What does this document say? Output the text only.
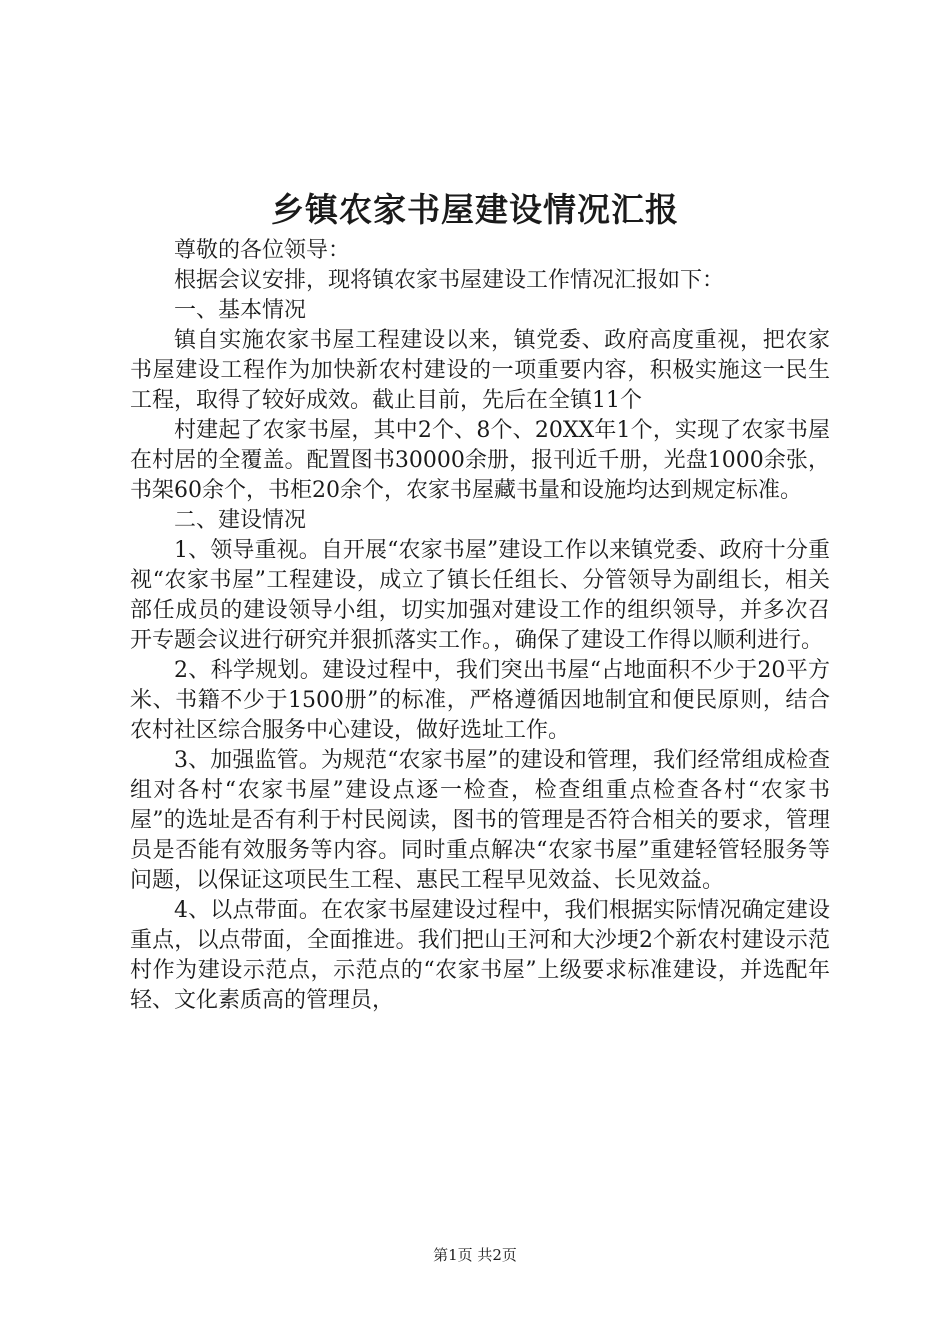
乡镇农家书屋建设情况汇报

尊敬的各位领导：

根据会议安排，现将镇农家书屋建设工作情况汇报如下：

一、基本情况

镇自实施农家书屋工程建设以来，镇党委、政府高度重视，把农家书屋建设工程作为加快新农村建设的一项重要内容，积极实施这一民生工程，取得了较好成效。截止目前，先后在全镇11个

村建起了农家书屋，其中2个、8个、20XX年1个，实现了农家书屋在村居的全覆盖。配置图书30000余册，报刊近千册，光盘1000余张，书架60余个，书柜20余个，农家书屋藏书量和设施均达到规定标准。

二、建设情况

1、领导重视。自开展“农家书屋”建设工作以来镇党委、政府十分重视“农家书屋”工程建设，成立了镇长任组长、分管领导为副组长，相关部任成员的建设领导小组，切实加强对建设工作的组织领导，并多次召开专题会议进行研究并狠抓落实工作。，确保了建设工作得以顺利进行。

2、科学规划。建设过程中，我们突出书屋“占地面积不少于20平方米、书籍不少于1500册”的标准，严格遵循因地制宜和便民原则，结合农村社区综合服务中心建设，做好选址工作。

3、加强监管。为规范“农家书屋”的建设和管理，我们经常组成检查组对各村“农家书屋”建设点逐一检查，检查组重点检查各村“农家书屋”的选址是否有利于村民阅读，图书的管理是否符合相关的要求，管理员是否能有效服务等内容。同时重点解决“农家书屋”重建轻管轻服务等问题，以保证这项民生工程、惠民工程早见效益、长见效益。

4、以点带面。在农家书屋建设过程中，我们根据实际情况确定建设重点，以点带面，全面推进。我们把山王河和大沙埂2个新农村建设示范村作为建设示范点，示范点的“农家书屋”上级要求标准建设，并选配年轻、文化素质高的管理员，

第1页 共2页
